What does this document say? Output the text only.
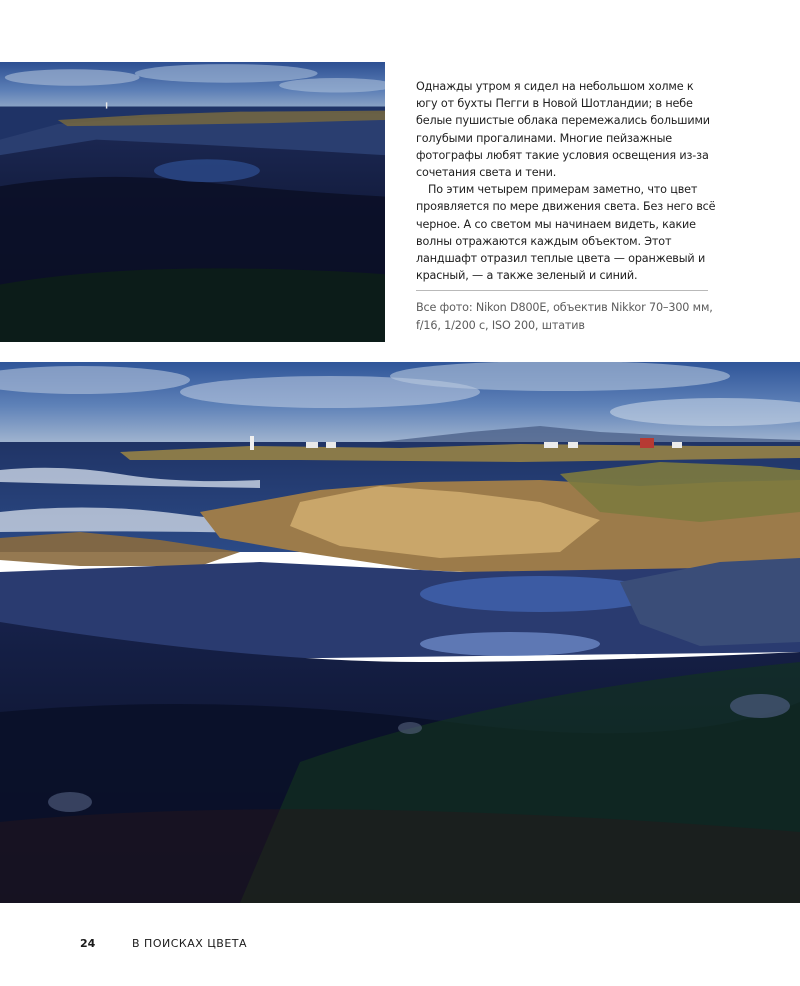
Однажды утром я сидел на небольшом холме к югу от бухты Пегги в Новой Шотландии; в небе белые пушистые облака перемежались большими голубыми прогалинами. Многие пейзажные фотографы любят такие условия освещения из-за сочетания света и тени.

По этим четырем примерам заметно, что цвет проявляется по мере движения света. Без него всё черное. А со светом мы начинаем видеть, какие волны отражаются каждым объектом. Этот ландшафт отразил теплые цвета — оранжевый и красный, — а также зеленый и синий.

Все фото: Nikon D800E, объектив Nikkor 70–300 мм, f/16, 1/200 с, ISO 200, штатив

24	В ПОИСКАХ ЦВЕТА
